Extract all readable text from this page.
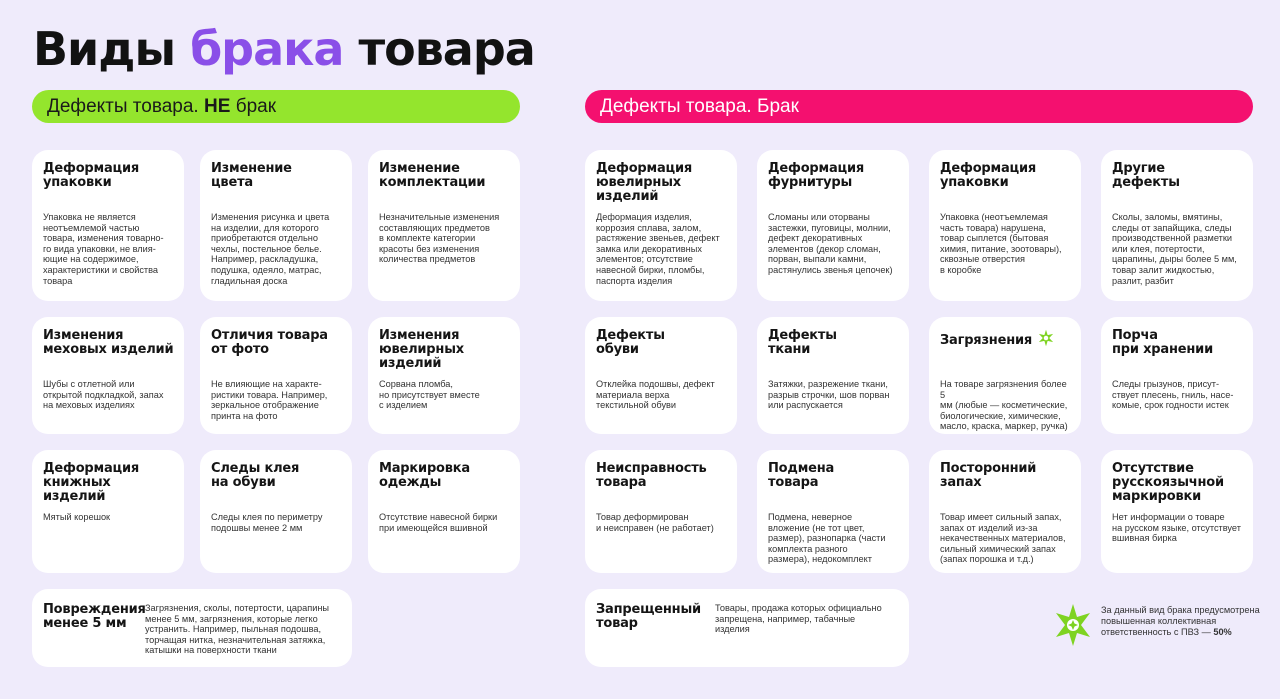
Виды брака товара
Дефекты товара. НЕ брак	Дефекты товара. Брак
Деформация
упаковки
Упаковка не является
неотъемлемой частью
товара, изменения товарно-
го вида упаковки, не влия-
ющие на содержимое,
характеристики и свойства
товара
Изменение
цвета
Изменения рисунка и цвета
на изделии, для которого
приобретаются отдельно
чехлы, постельное белье.
Например, раскладушка,
подушка, одеяло, матрас,
гладильная доска
Изменение
комплектации
Незначительные изменения
составляющих предметов
в комплекте категории
красоты без изменения
количества предметов
Изменения
меховых изделий
Шубы с отлетной или
открытой подкладкой, запах
на меховых изделиях
Отличия товара
от фото
Не влияющие на характе-
ристики товара. Например,
зеркальное отображение
принта на фото
Изменения
ювелирных
изделий
Сорвана пломба,
но присутствует вместе
с изделием
Деформация
книжных изделий
Мятый корешок
Следы клея
на обуви
Следы клея по периметру
подошвы менее 2 мм
Маркировка
одежды
Отсутствие навесной бирки
при имеющейся вшивной
Повреждения
менее 5 мм
Загрязнения, сколы, потертости, царапины
менее 5 мм, загрязнения, которые легко
устранить. Например, пыльная подошва,
торчащая нитка, незначительная затяжка,
катышки на поверхности ткани
Деформация
ювелирных
изделий
Деформация изделия,
коррозия сплава, залом,
растяжение звеньев, дефект
замка или декоративных
элементов; отсутствие
навесной бирки, пломбы,
паспорта изделия
Деформация
фурнитуры
Сломаны или оторваны
застежки, пуговицы, молнии,
дефект декоративных
элементов (декор сломан,
порван, выпали камни,
растянулись звенья цепочек)
Деформация
упаковки
Упаковка (неотъемлемая
часть товара) нарушена,
товар сыплется (бытовая
химия, питание, зоотовары),
сквозные отверстия
в коробке
Другие
дефекты
Сколы, заломы, вмятины,
следы от запайщика, следы
производственной разметки
или клея, потертости,
царапины, дыры более 5 мм,
товар залит жидкостью,
разлит, разбит
Дефекты
обуви
Отклейка подошвы, дефект
материала верха
текстильной обуви
Дефекты
ткани
Затяжки, разрежение ткани,
разрыв строчки, шов порван
или распускается
Загрязнения
На товаре загрязнения более 5
мм (любые — косметические,
биологические, химические,
масло, краска, маркер, ручка)
Порча
при хранении
Следы грызунов, присут-
ствует плесень, гниль, насе-
комые, срок годности истек
Неисправность
товара
Товар деформирован
и неисправен (не работает)
Подмена
товара
Подмена, неверное
вложение (не тот цвет,
размер), разнопарка (части
комплекта разного
размера), недокомплект
Посторонний
запах
Товар имеет сильный запах,
запах от изделий из-за
некачественных материалов,
сильный химический запах
(запах порошка и т.д.)
Отсутствие
русскоязычной
маркировки
Нет информации о товаре
на русском языке, отсутствует
вшивная бирка
Запрещенный
товар
Товары, продажа которых официально
запрещена, например, табачные
изделия
За данный вид брака предусмотрена повышенная коллективная ответственность с ПВЗ — 50%
